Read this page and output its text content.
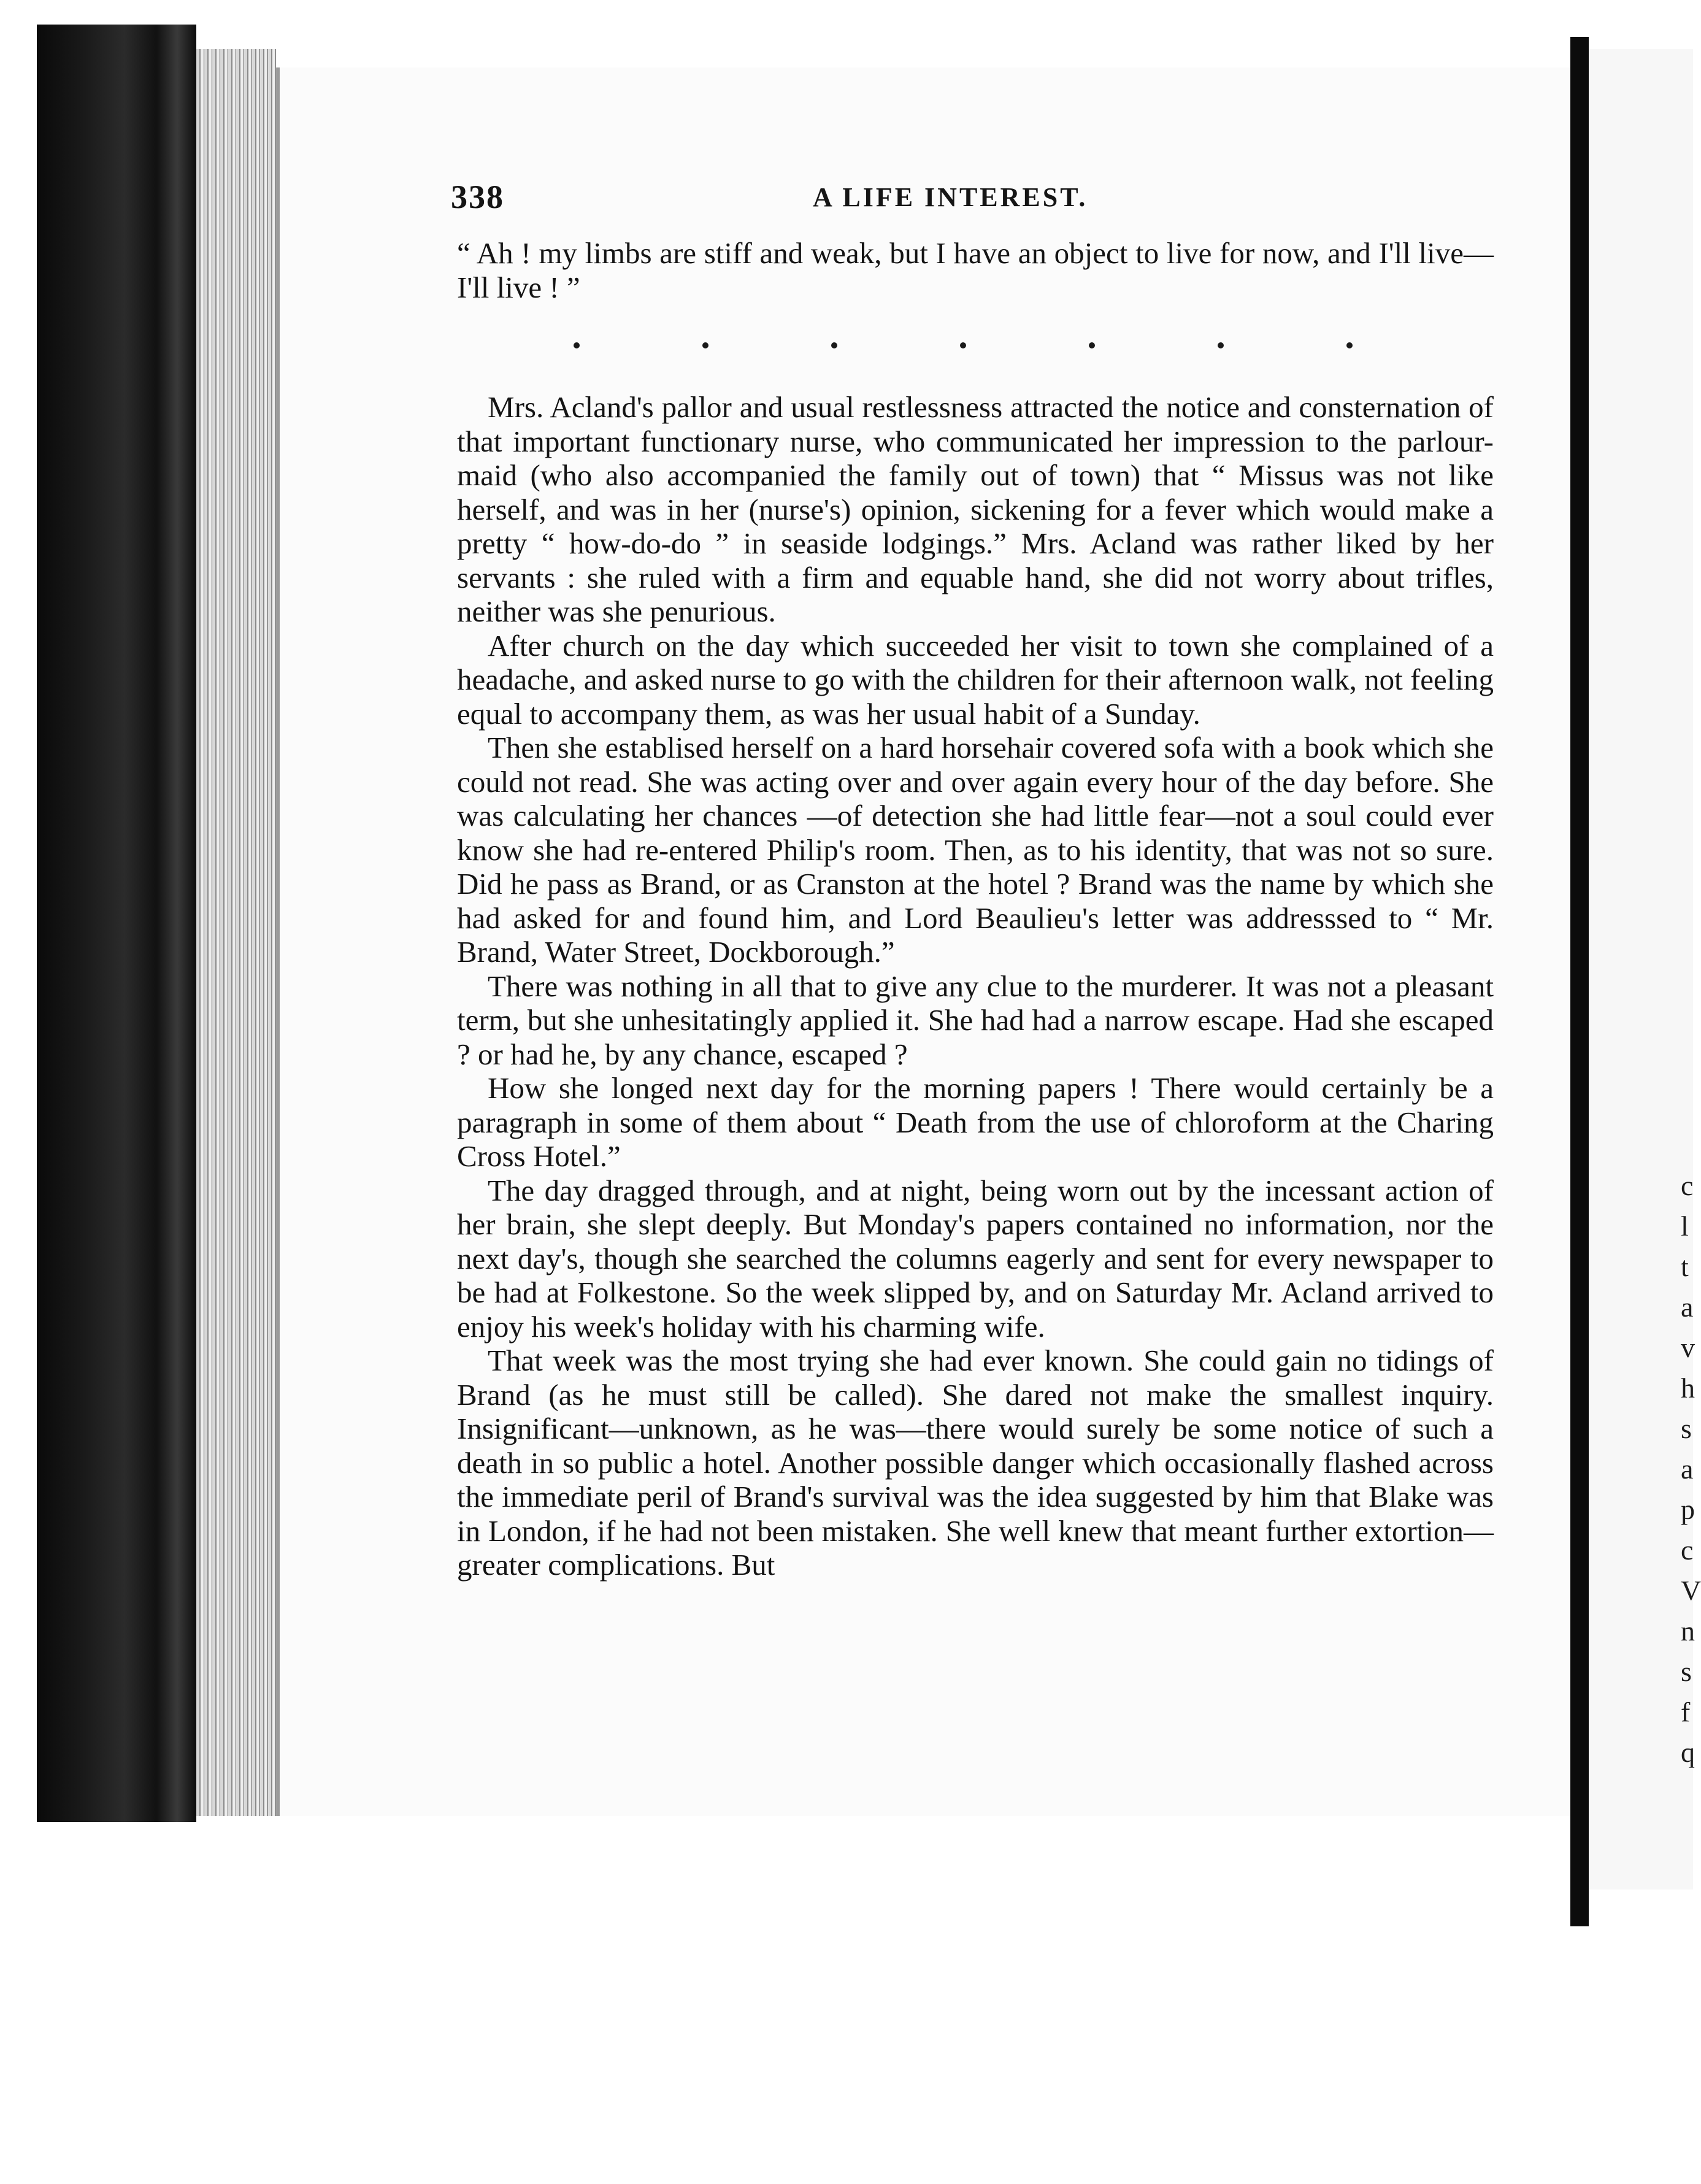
c
l
t
a
v
h
s
a
p
c
V
n
s
f
q
338	A LIFE INTEREST.

“ Ah ! my limbs are stiff and weak, but I have an object to live for now, and I'll live—I'll live ! ”

Mrs. Acland's pallor and usual restlessness attracted the notice and consternation of that important functionary nurse, who communicated her impression to the parlour-maid (who also accompanied the family out of town) that “ Missus was not like herself, and was in her (nurse's) opinion, sickening for a fever which would make a pretty “ how-do-do ” in seaside lodgings.” Mrs. Acland was rather liked by her servants : she ruled with a firm and equable hand, she did not worry about trifles, neither was she penurious.

After church on the day which succeeded her visit to town she complained of a headache, and asked nurse to go with the children for their afternoon walk, not feeling equal to accompany them, as was her usual habit of a Sunday.

Then she establised herself on a hard horsehair covered sofa with a book which she could not read. She was acting over and over again every hour of the day before. She was calculating her chances —of detection she had little fear—not a soul could ever know she had re-entered Philip's room. Then, as to his identity, that was not so sure. Did he pass as Brand, or as Cranston at the hotel ? Brand was the name by which she had asked for and found him, and Lord Beaulieu's letter was addresssed to “ Mr. Brand, Water Street, Dockborough.”

There was nothing in all that to give any clue to the murderer. It was not a pleasant term, but she unhesitatingly applied it. She had had a narrow escape. Had she escaped ? or had he, by any chance, escaped ?

How she longed next day for the morning papers ! There would certainly be a paragraph in some of them about “ Death from the use of chloroform at the Charing Cross Hotel.”

The day dragged through, and at night, being worn out by the incessant action of her brain, she slept deeply. But Monday's papers contained no information, nor the next day's, though she searched the columns eagerly and sent for every newspaper to be had at Folkestone. So the week slipped by, and on Saturday Mr. Acland arrived to enjoy his week's holiday with his charming wife.

That week was the most trying she had ever known. She could gain no tidings of Brand (as he must still be called). She dared not make the smallest inquiry. Insignificant—unknown, as he was—there would surely be some notice of such a death in so public a hotel. Another possible danger which occasionally flashed across the immediate peril of Brand's survival was the idea suggested by him that Blake was in London, if he had not been mistaken. She well knew that meant further extortion—greater complications. But
